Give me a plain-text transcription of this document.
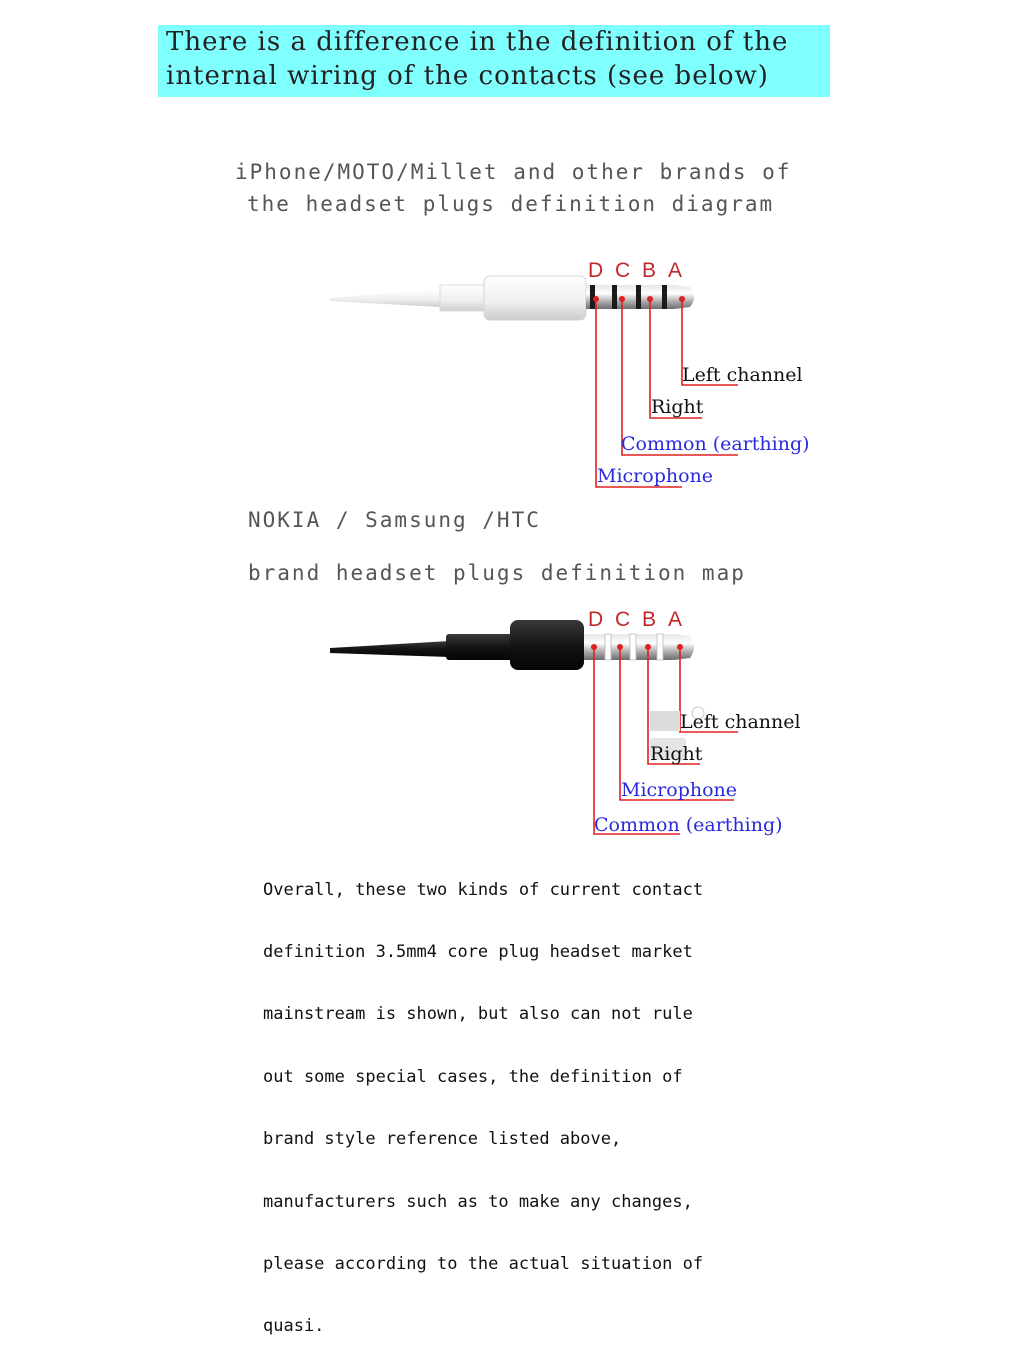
There is a difference in the definition of the
internal wiring of the contacts (see below)
iPhone/MOTO/Millet and other brands of
the headset plugs definition diagram
D C B A
D C B A
Left channel
Right
Common (earthing)
Microphone
NOKIA / Samsung /HTC
brand headset plugs definition map
Left channel
Right
Microphone
Common (earthing)

Overall, these two kinds of current contact

definition 3.5mm4 core plug headset market

mainstream is shown, but also can not rule

out some special cases, the definition of

brand style reference listed above,

manufacturers such as to make any changes,

please according to the actual situation of

quasi.
